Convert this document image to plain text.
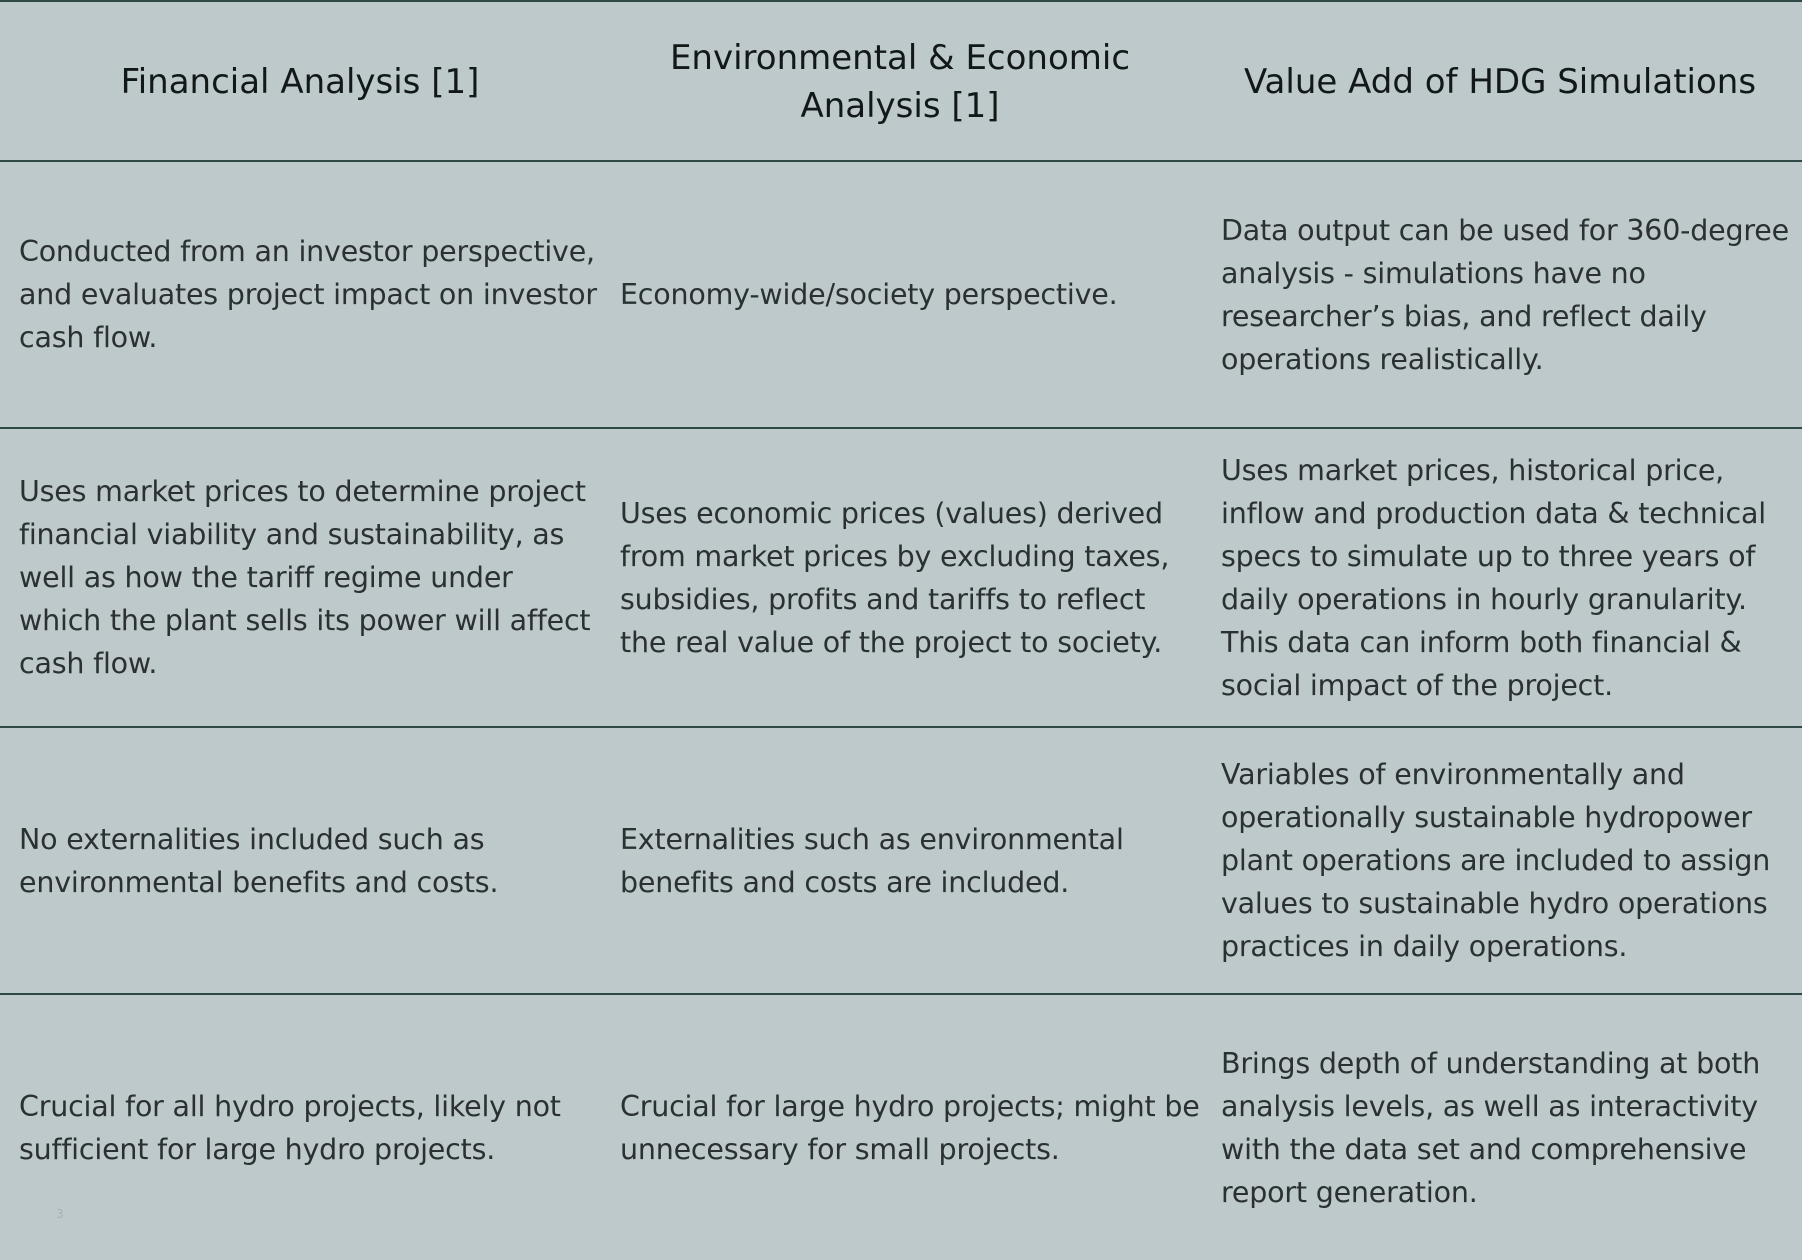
Financial Analysis [1]
Environmental & Economic Analysis [1]
Value Add of HDG Simulations
Conducted from an investor perspective, and evaluates project impact on investor cash flow.
Economy-wide/society perspective.
Data output can be used for 360-degree analysis - simulations have no researcher’s bias, and reflect daily operations realistically.
Uses market prices to determine project financial viability and sustainability, as well as how the tariff regime under which the plant sells its power will affect cash flow.
Uses economic prices (values) derived from market prices by excluding taxes, subsidies, profits and tariffs to reflect the real value of the project to society.
Uses market prices, historical price, inflow and production data & technical specs to simulate up to three years of daily operations in hourly granularity. This data can inform both financial & social impact of the project.
No externalities included such as environmental benefits and costs.
Externalities such as environmental benefits and costs are included.
Variables of environmentally and operationally sustainable hydropower plant operations are included to assign values to sustainable hydro operations practices in daily operations.
Crucial for all hydro projects, likely not sufficient for large hydro projects.
Crucial for large hydro projects; might be unnecessary for small projects.
Brings depth of understanding at both analysis levels, as well as interactivity with the data set and comprehensive report generation.
3
